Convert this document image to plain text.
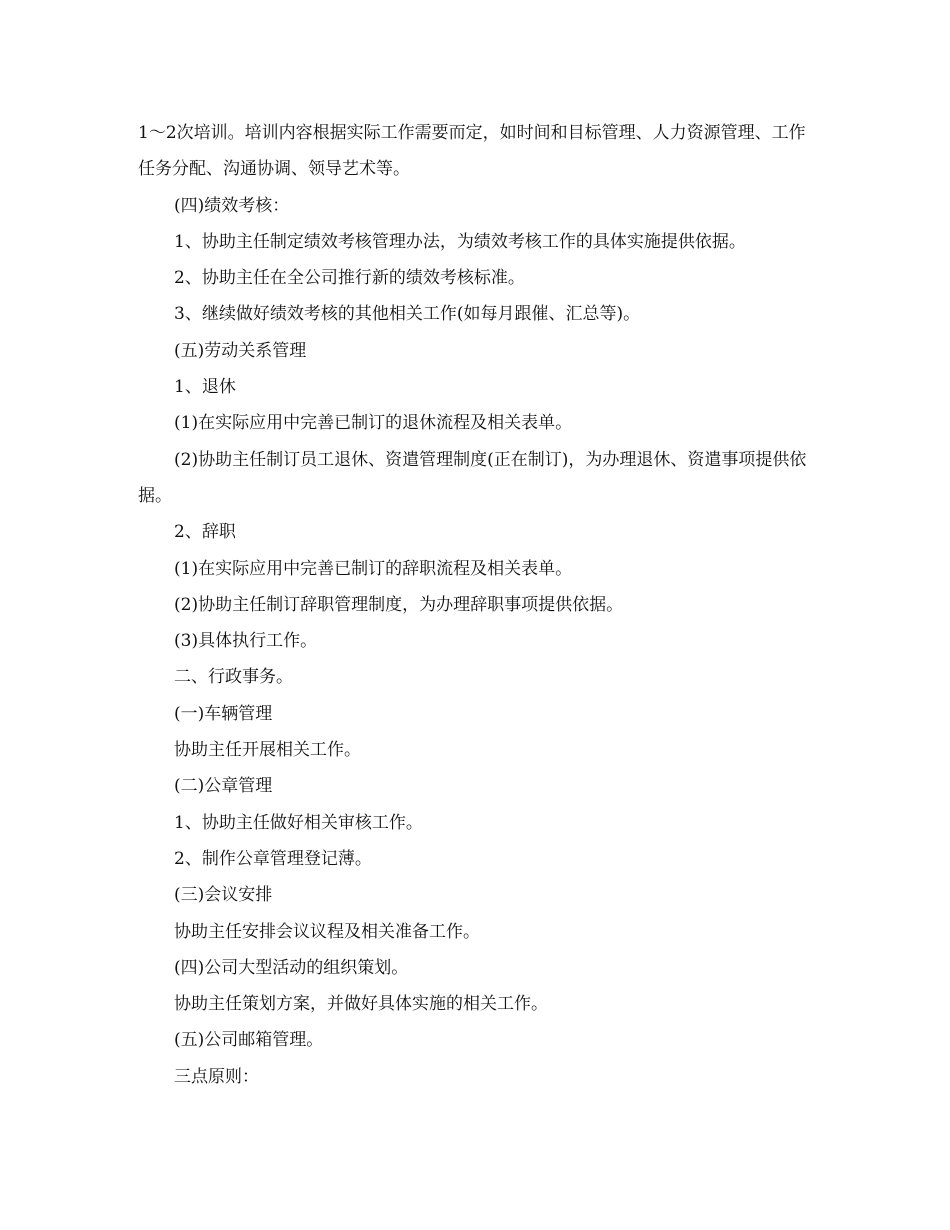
1～2次培训。培训内容根据实际工作需要而定，如时间和目标管理、人力资源管理、工作任务分配、沟通协调、领导艺术等。

(四)绩效考核：

1、协助主任制定绩效考核管理办法，为绩效考核工作的具体实施提供依据。

2、协助主任在全公司推行新的绩效考核标准。

3、继续做好绩效考核的其他相关工作(如每月跟催、汇总等)。

(五)劳动关系管理

1、退休

(1)在实际应用中完善已制订的退休流程及相关表单。

(2)协助主任制订员工退休、资遣管理制度(正在制订)，为办理退休、资遣事项提供依据。

2、辞职

(1)在实际应用中完善已制订的辞职流程及相关表单。

(2)协助主任制订辞职管理制度，为办理辞职事项提供依据。

(3)具体执行工作。

二、行政事务。

(一)车辆管理

协助主任开展相关工作。

(二)公章管理

1、协助主任做好相关审核工作。

2、制作公章管理登记薄。

(三)会议安排

协助主任安排会议议程及相关准备工作。

(四)公司大型活动的组织策划。

协助主任策划方案，并做好具体实施的相关工作。

(五)公司邮箱管理。

三点原则：
